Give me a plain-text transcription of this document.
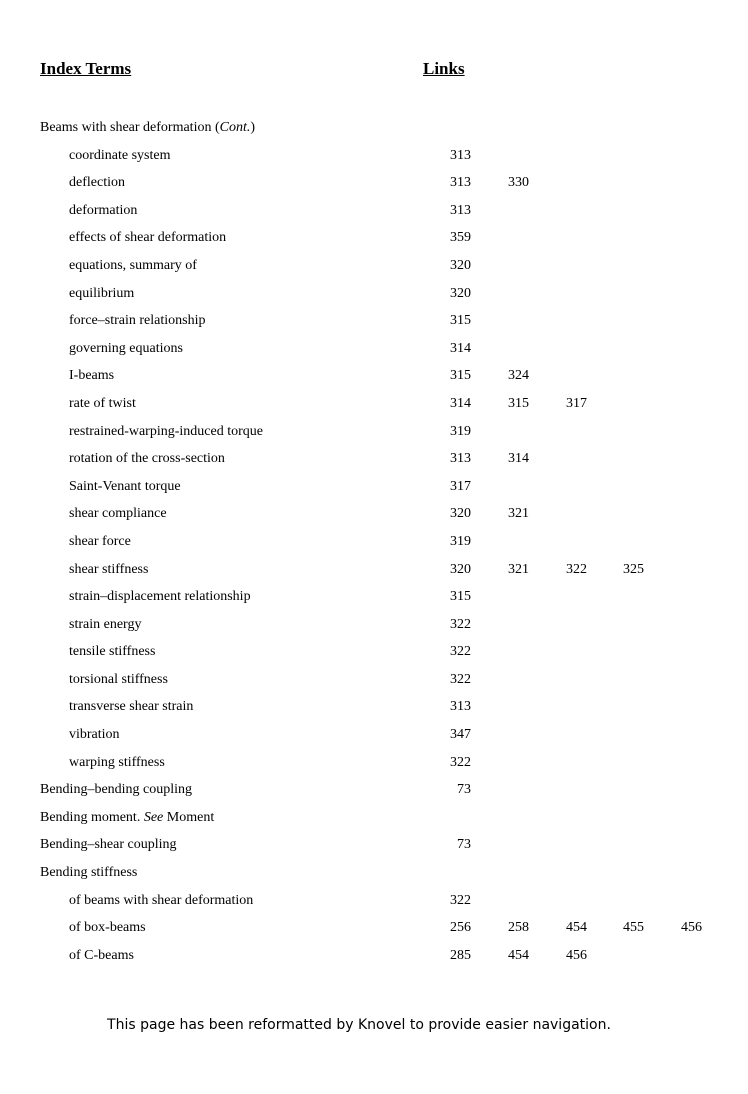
Index Terms	Links
Beams with shear deformation (Cont.)
coordinate system	313
deflection	313	330
deformation	313
effects of shear deformation	359
equations, summary of	320
equilibrium	320
force–strain relationship	315
governing equations	314
I-beams	315	324
rate of twist	314	315	317
restrained-warping-induced torque	319
rotation of the cross-section	313	314
Saint-Venant torque	317
shear compliance	320	321
shear force	319
shear stiffness	320	321	322	325
strain–displacement relationship	315
strain energy	322
tensile stiffness	322
torsional stiffness	322
transverse shear strain	313
vibration	347
warping stiffness	322
Bending–bending coupling	73
Bending moment. See Moment
Bending–shear coupling	73
Bending stiffness
of beams with shear deformation	322
of box-beams	256	258	454	455	456
of C-beams	285	454	456
This page has been reformatted by Knovel to provide easier navigation.
